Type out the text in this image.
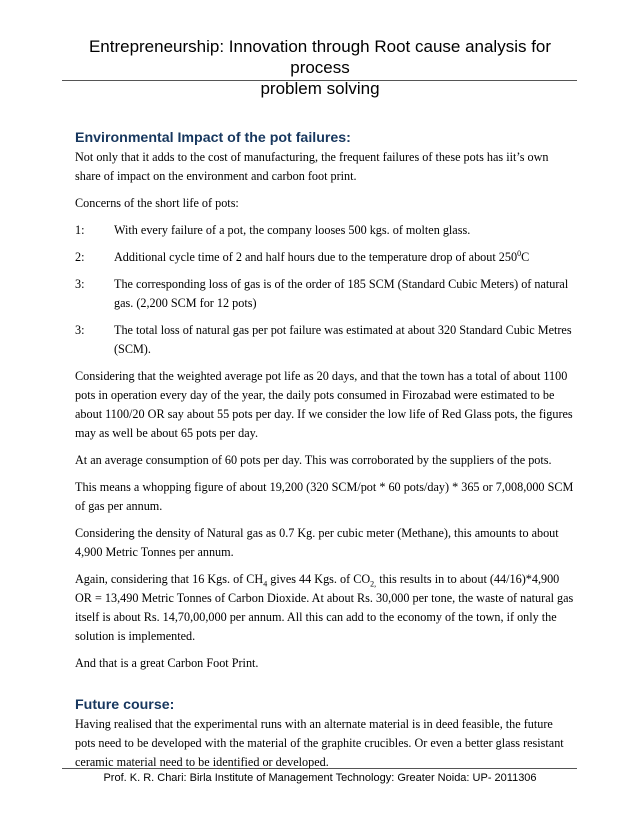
Entrepreneurship: Innovation through Root cause analysis for process
problem solving
Environmental Impact of the pot failures:

Not only that it adds to the cost of manufacturing, the frequent failures of these pots has iit’s own share of impact on the environment and carbon foot print.

Concerns of the short life of pots:

1:	With every failure of a pot, the company looses 500 kgs. of molten glass.
2:	Additional cycle time of 2 and half hours due to the temperature drop of about $250^0C$
3:	The corresponding loss of gas is of the order of 185 SCM (Standard Cubic Meters) of natural gas. (2,200 SCM for 12 pots)
3:	The total loss of natural gas per pot failure was estimated at about 320 Standard Cubic Metres (SCM).

Considering that the weighted average pot life as 20 days, and that the town has a total of about 1100 pots in operation every day of the year, the daily pots consumed in Firozabad were estimated to be about 1100/20 OR say about 55 pots per day. If we consider the low life of Red Glass pots, the figures may as well be about 65 pots per day.

At an average consumption of 60 pots per day. This was corroborated by the suppliers of the pots.

This means a whopping figure of about 19,200 (320 SCM/pot * 60 pots/day) * 365 or 7,008,000 SCM of gas per annum.

Considering the density of Natural gas as 0.7 Kg. per cubic meter (Methane), this amounts to about 4,900 Metric Tonnes per annum.

Again, considering that 16 Kgs. of $CH_4$ gives 44 Kgs. of $CO_{2,}$ this results in to about (44/16)*4,900 OR = 13,490 Metric Tonnes of Carbon Dioxide. At about Rs. 30,000 per tone, the waste of natural gas itself is about Rs. 14,70,00,000 per annum. All this can add to the economy of the town, if only the solution is implemented.

And that is a great Carbon Foot Print.

Future course:

Having realised that the experimental runs with an alternate material is in deed feasible, the future pots need to be developed with the material of the graphite crucibles. Or even a better glass resistant ceramic material need to be identified or developed.

Prof. K. R. Chari: Birla Institute of Management Technology: Greater Noida: UP- 2011306
